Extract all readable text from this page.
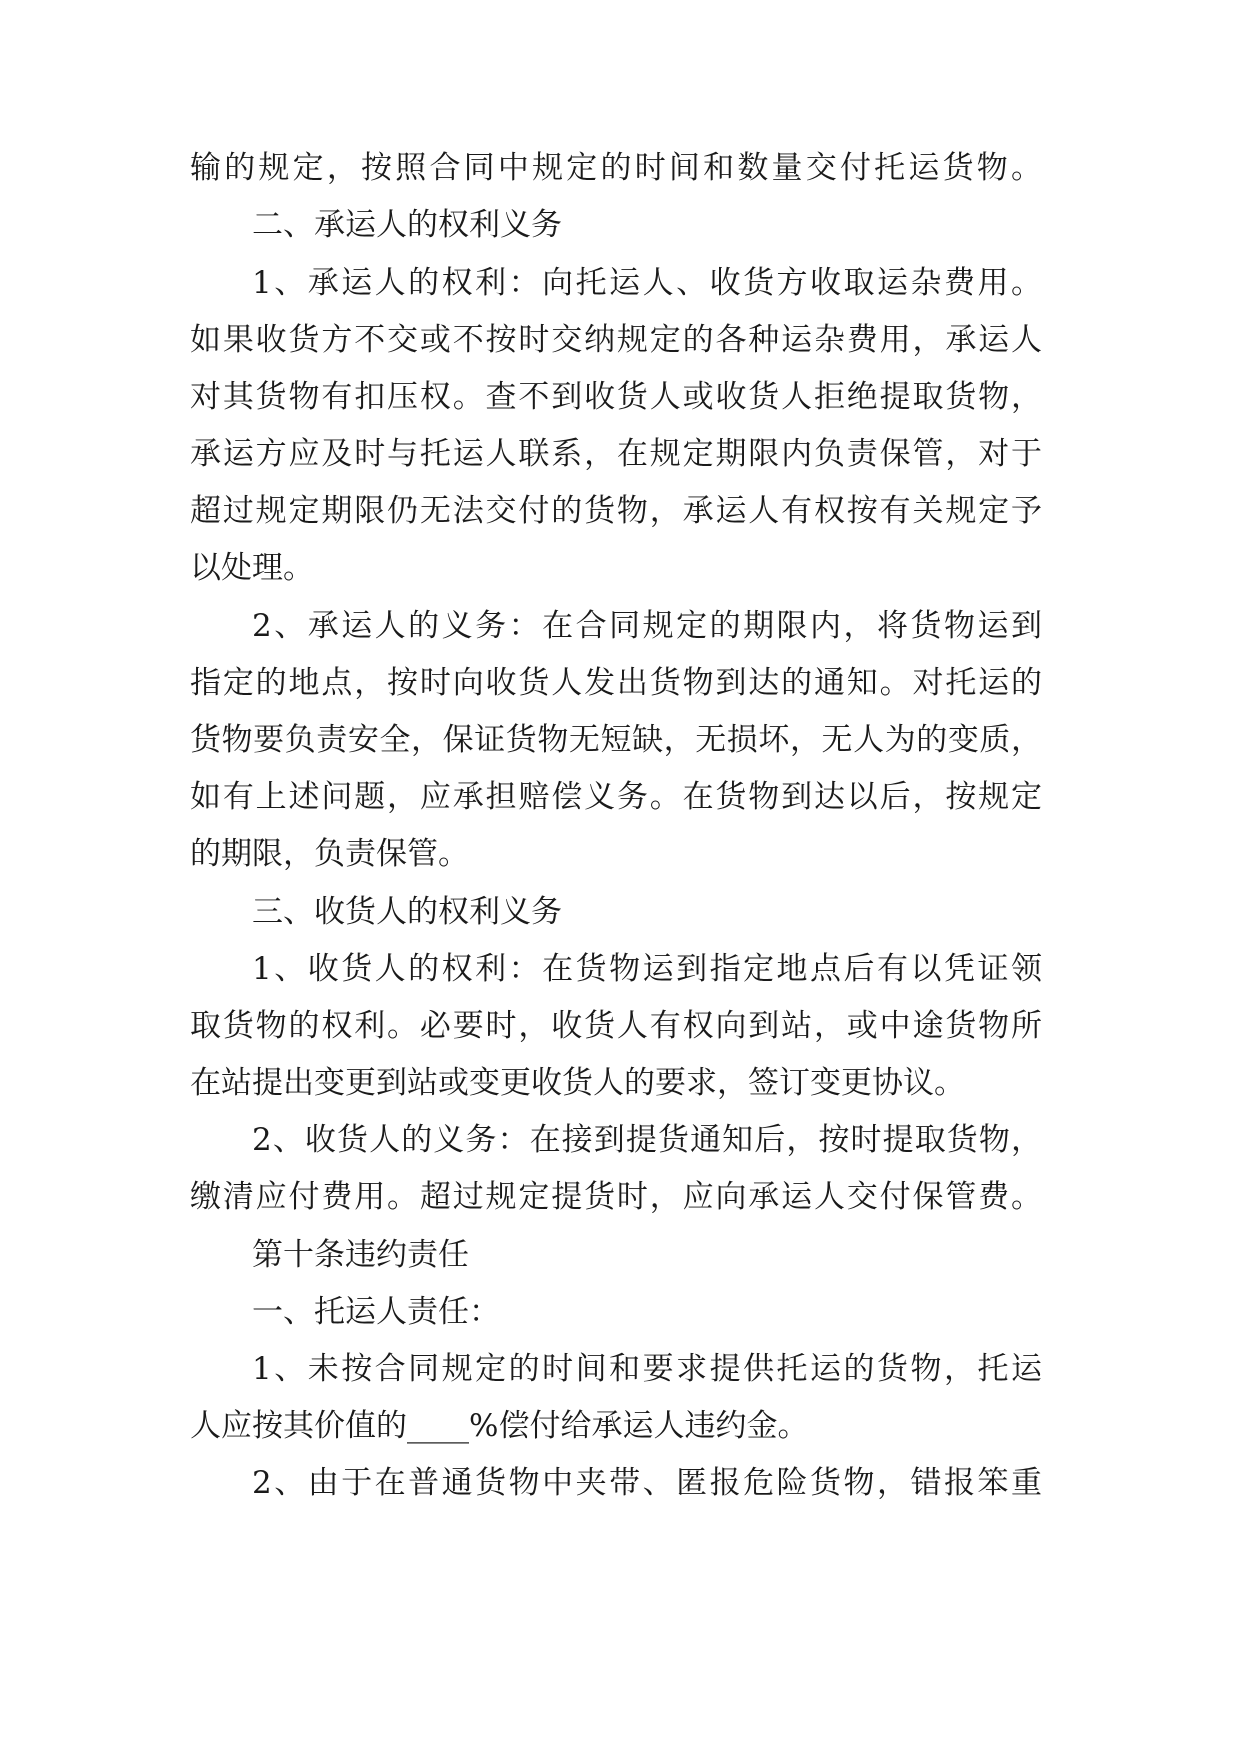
输的规定，按照合同中规定的时间和数量交付托运货物。
二、承运人的权利义务
1、承运人的权利：向托运人、收货方收取运杂费用。
如果收货方不交或不按时交纳规定的各种运杂费用，承运人
对其货物有扣压权。查不到收货人或收货人拒绝提取货物，
承运方应及时与托运人联系，在规定期限内负责保管，对于
超过规定期限仍无法交付的货物，承运人有权按有关规定予
以处理。
2、承运人的义务：在合同规定的期限内，将货物运到
指定的地点，按时向收货人发出货物到达的通知。对托运的
货物要负责安全，保证货物无短缺，无损坏，无人为的变质，
如有上述问题，应承担赔偿义务。在货物到达以后，按规定
的期限，负责保管。
三、收货人的权利义务
1、收货人的权利：在货物运到指定地点后有以凭证领
取货物的权利。必要时，收货人有权向到站，或中途货物所
在站提出变更到站或变更收货人的要求，签订变更协议。
2、收货人的义务：在接到提货通知后，按时提取货物，
缴清应付费用。超过规定提货时，应向承运人交付保管费。
第十条违约责任
一、托运人责任：
1、未按合同规定的时间和要求提供托运的货物，托运
人应按其价值的____%偿付给承运人违约金。
2、由于在普通货物中夹带、匿报危险货物，错报笨重
